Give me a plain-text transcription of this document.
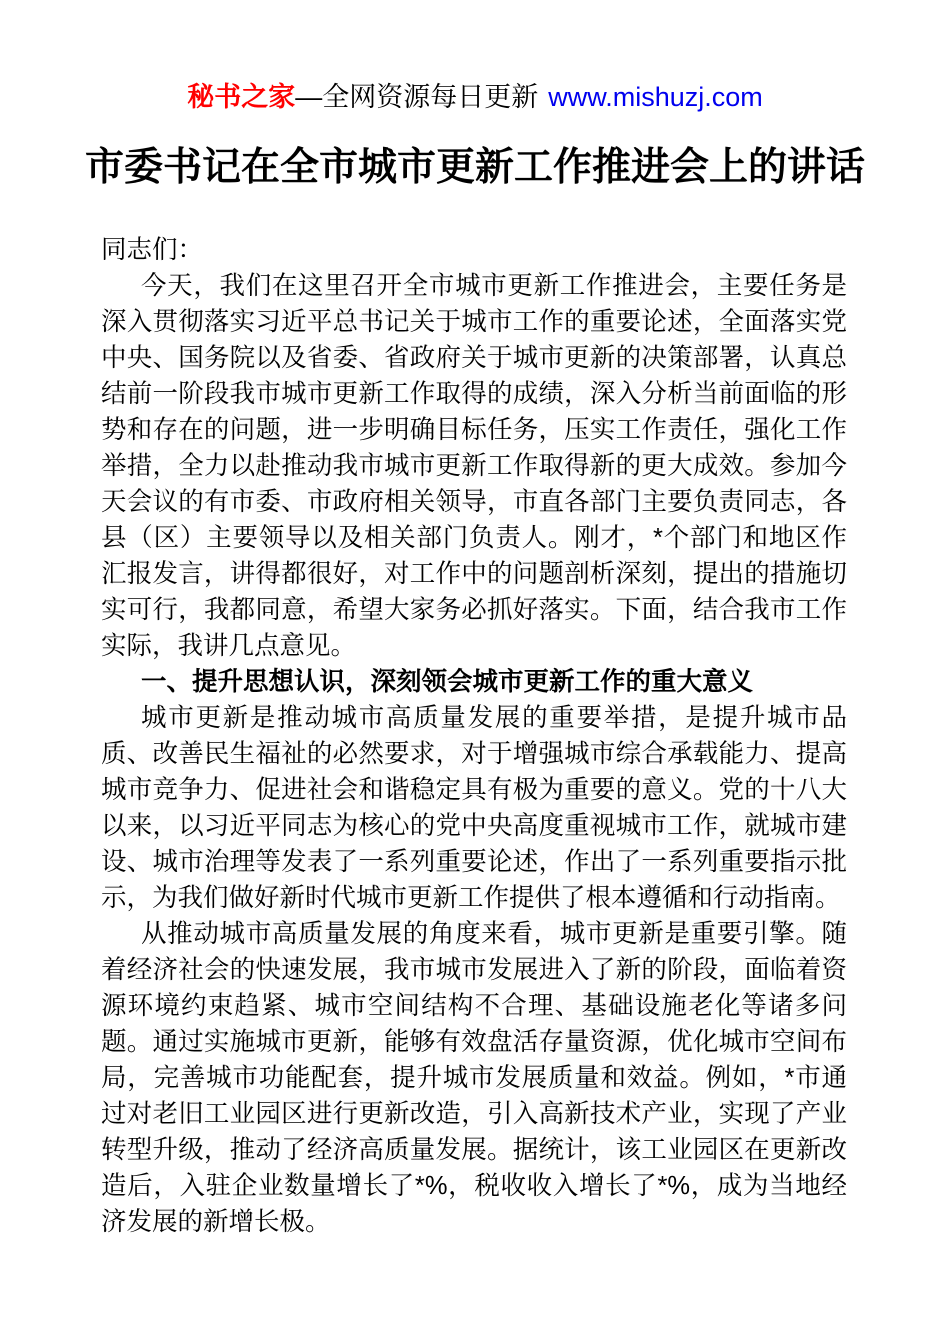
秘书之家—全网资源每日更新 www.mishuzj.com
市委书记在全市城市更新工作推进会上的讲话

同志们：

今天，我们在这里召开全市城市更新工作推进会，主要任务是深入贯彻落实习近平总书记关于城市工作的重要论述，全面落实党中央、国务院以及省委、省政府关于城市更新的决策部署，认真总结前一阶段我市城市更新工作取得的成绩，深入分析当前面临的形势和存在的问题，进一步明确目标任务，压实工作责任，强化工作举措，全力以赴推动我市城市更新工作取得新的更大成效。参加今天会议的有市委、市政府相关领导，市直各部门主要负责同志，各县（区）主要领导以及相关部门负责人。刚才，*个部门和地区作汇报发言，讲得都很好，对工作中的问题剖析深刻，提出的措施切实可行，我都同意，希望大家务必抓好落实。下面，结合我市工作实际，我讲几点意见。

一、提升思想认识，深刻领会城市更新工作的重大意义

城市更新是推动城市高质量发展的重要举措，是提升城市品质、改善民生福祉的必然要求，对于增强城市综合承载能力、提高城市竞争力、促进社会和谐稳定具有极为重要的意义。党的十八大以来，以习近平同志为核心的党中央高度重视城市工作，就城市建设、城市治理等发表了一系列重要论述，作出了一系列重要指示批示，为我们做好新时代城市更新工作提供了根本遵循和行动指南。

从推动城市高质量发展的角度来看，城市更新是重要引擎。随着经济社会的快速发展，我市城市发展进入了新的阶段，面临着资源环境约束趋紧、城市空间结构不合理、基础设施老化等诸多问题。通过实施城市更新，能够有效盘活存量资源，优化城市空间布局，完善城市功能配套，提升城市发展质量和效益。例如，*市通过对老旧工业园区进行更新改造，引入高新技术产业，实现了产业转型升级，推动了经济高质量发展。据统计，该工业园区在更新改造后，入驻企业数量增长了*%，税收收入增长了*%，成为当地经济发展的新增长极。
